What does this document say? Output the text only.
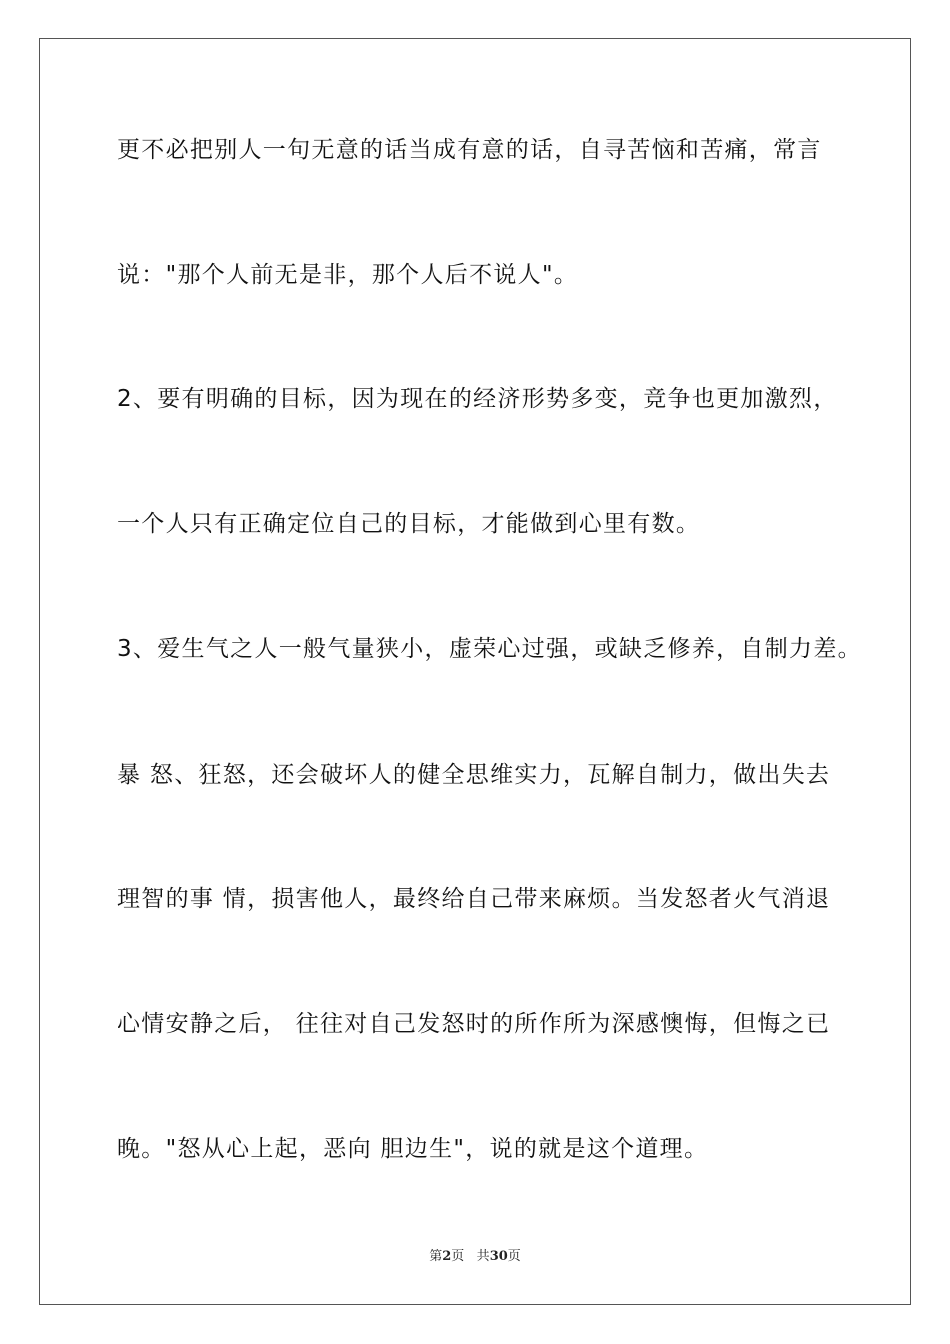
更不必把别人一句无意的话当成有意的话，自寻苦恼和苦痛，常言
说："那个人前无是非，那个人后不说人"。
2、要有明确的目标，因为现在的经济形势多变，竞争也更加激烈，
一个人只有正确定位自己的目标，才能做到心里有数。
3、爱生气之人一般气量狭小，虚荣心过强，或缺乏修养，自制力差。
暴 怒、狂怒，还会破坏人的健全思维实力，瓦解自制力，做出失去
理智的事 情，损害他人，最终给自己带来麻烦。当发怒者火气消退
心情安静之后， 往往对自己发怒时的所作所为深感懊悔，但悔之已
晚。"怒从心上起，恶向 胆边生"，说的就是这个道理。
第2页 共30页
